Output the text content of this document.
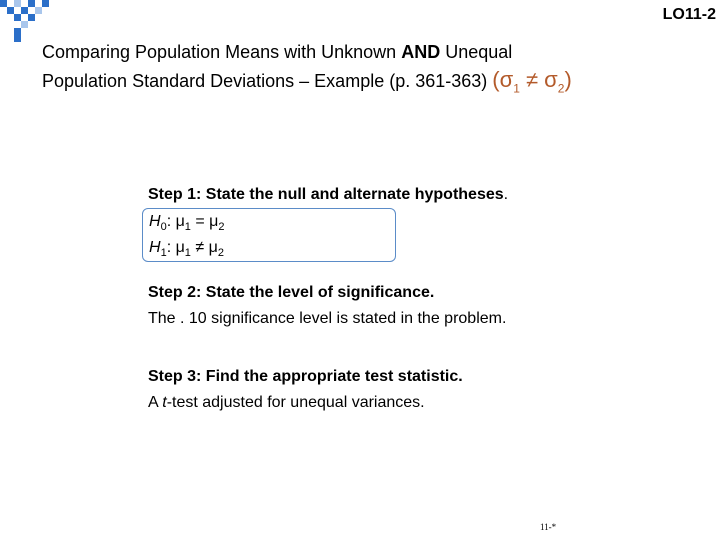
LO11-2
Comparing Population Means with Unknown AND Unequal
Population Standard Deviations – Example (p. 361-363) $(\sigma_1 \ne \sigma_2)$
Step 1: State the null and alternate hypotheses.
$H_0$: $\mu_1 = \mu_2$
$H_1$: $\mu_1 \ne \mu_2$
Step 2: State the level of significance.
The . 10 significance level is stated in the problem.
Step 3: Find the appropriate test statistic.
A t-test adjusted for unequal variances.
11-*
